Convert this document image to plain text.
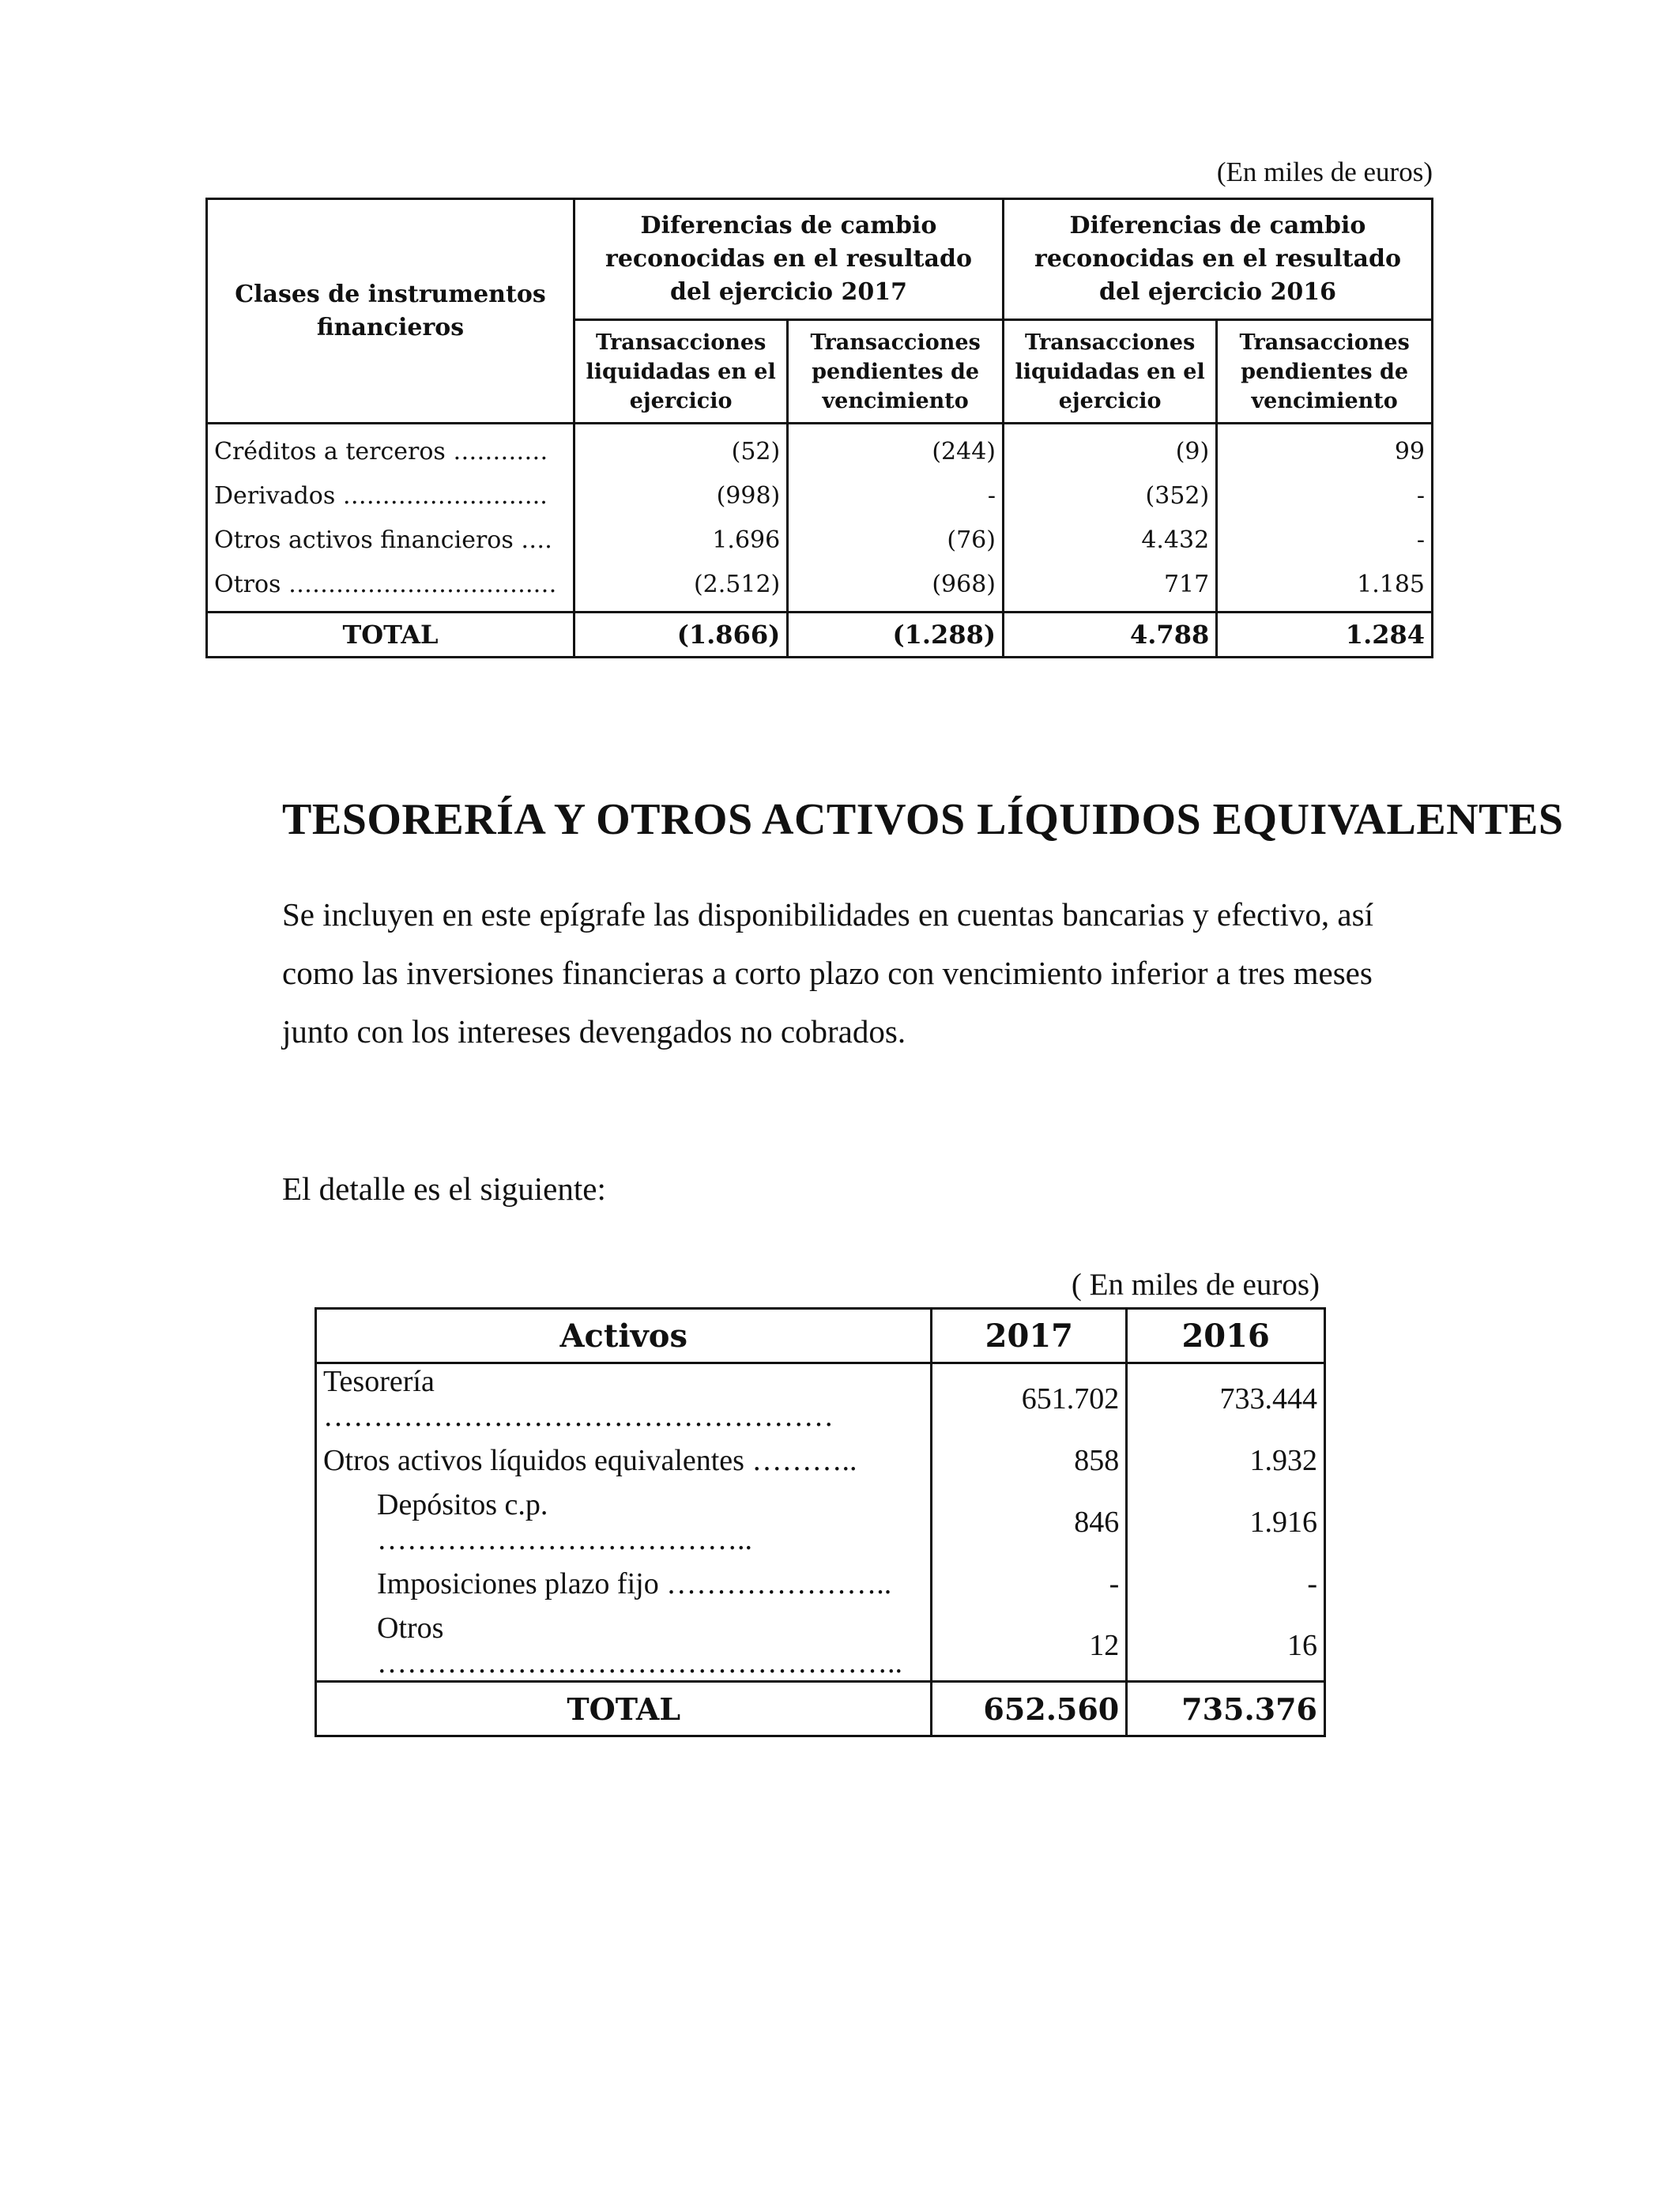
(En miles de euros)
Clases de instrumentos financieros	Diferencias de cambio reconocidas en el resultado del ejercicio 2017		Diferencias de cambio reconocidas en el resultado del ejercicio 2016	
	Transacciones liquidadas en el ejercicio	Transacciones pendientes de vencimiento	Transacciones liquidadas en el ejercicio	Transacciones pendientes de vencimiento
Créditos a terceros …………	(52)	(244)	(9)	99
Derivados ……………………..	(998)	-	(352)	-
Otros activos financieros ….	1.696	(76)	4.432	-
Otros ………………………….…	(2.512)	(968)	717	1.185
TOTAL	(1.866)	(1.288)	4.788	1.284
TESORERÍA Y OTROS ACTIVOS LÍQUIDOS EQUIVALENTES

Se incluyen en este epígrafe las disponibilidades en cuentas bancarias y efectivo, así como las inversiones financieras a corto plazo con vencimiento inferior a tres meses junto con los intereses devengados no cobrados.

El detalle es el siguiente:

( En miles de euros)
Activos	2017	2016
Tesorería ……………………………………………	651.702	733.444
Otros activos líquidos equivalentes ………..	858	1.932
Depósitos c.p. ………………………………..	846	1.916
Imposiciones plazo fijo …………………..	-	-
Otros ……………………………………………..	12	16
TOTAL	652.560	735.376
